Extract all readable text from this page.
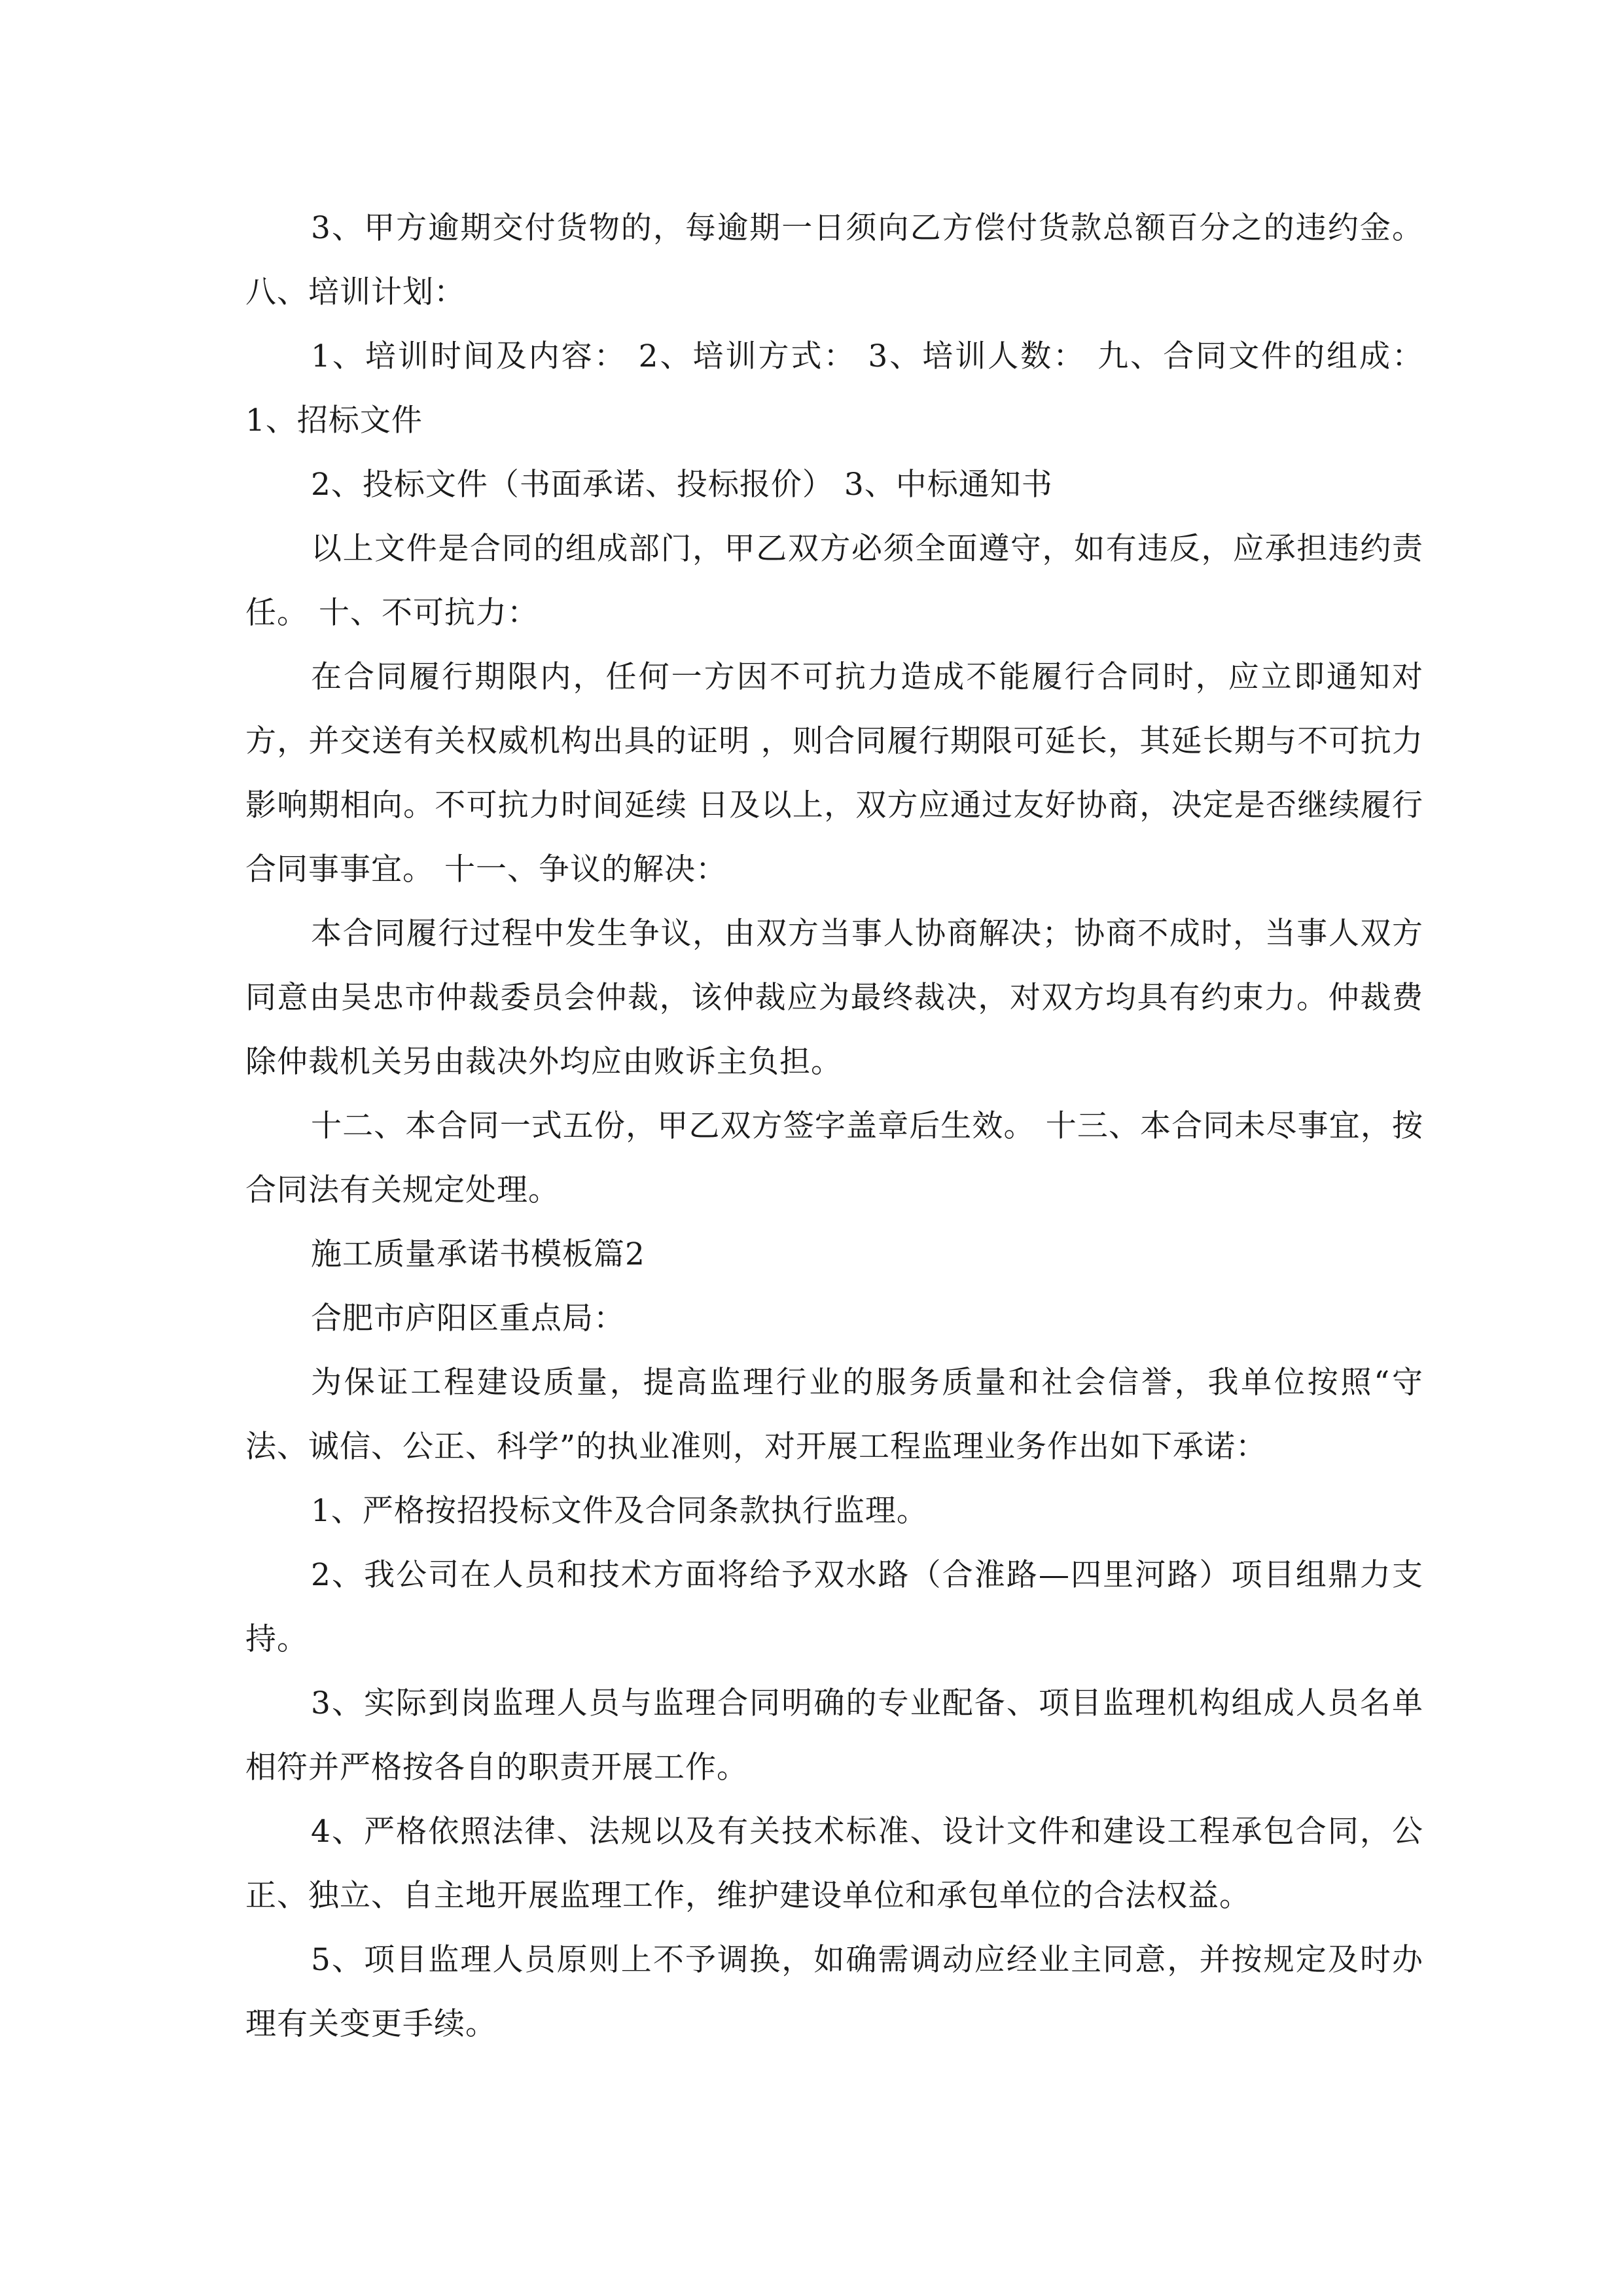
3、甲方逾期交付货物的，每逾期一日须向乙方偿付货款总额百分之的违约金。 八、培训计划：

1、培训时间及内容： 2、培训方式： 3、培训人数： 九、合同文件的组成：1、招标文件

2、投标文件（书面承诺、投标报价） 3、中标通知书

以上文件是合同的组成部门，甲乙双方必须全面遵守，如有违反，应承担违约责任。 十、不可抗力：

在合同履行期限内，任何一方因不可抗力造成不能履行合同时，应立即通知对方，并交送有关权威机构出具的证明 ，则合同履行期限可延长，其延长期与不可抗力影响期相向。不可抗力时间延续 日及以上，双方应通过友好协商，决定是否继续履行合同事事宜。 十一、争议的解决：

本合同履行过程中发生争议，由双方当事人协商解决；协商不成时，当事人双方同意由吴忠市仲裁委员会仲裁，该仲裁应为最终裁决，对双方均具有约束力。仲裁费除仲裁机关另由裁决外均应由败诉主负担。

十二、本合同一式五份，甲乙双方签字盖章后生效。 十三、本合同未尽事宜，按合同法有关规定处理。

施工质量承诺书模板篇2

合肥市庐阳区重点局：

为保证工程建设质量，提高监理行业的服务质量和社会信誉，我单位按照“守法、诚信、公正、科学”的执业准则，对开展工程监理业务作出如下承诺：

1、严格按招投标文件及合同条款执行监理。

2、我公司在人员和技术方面将给予双水路（合淮路—四里河路）项目组鼎力支持。

3、实际到岗监理人员与监理合同明确的专业配备、项目监理机构组成人员名单相符并严格按各自的职责开展工作。

4、严格依照法律、法规以及有关技术标准、设计文件和建设工程承包合同，公正、独立、自主地开展监理工作，维护建设单位和承包单位的合法权益。

5、项目监理人员原则上不予调换，如确需调动应经业主同意，并按规定及时办理有关变更手续。
